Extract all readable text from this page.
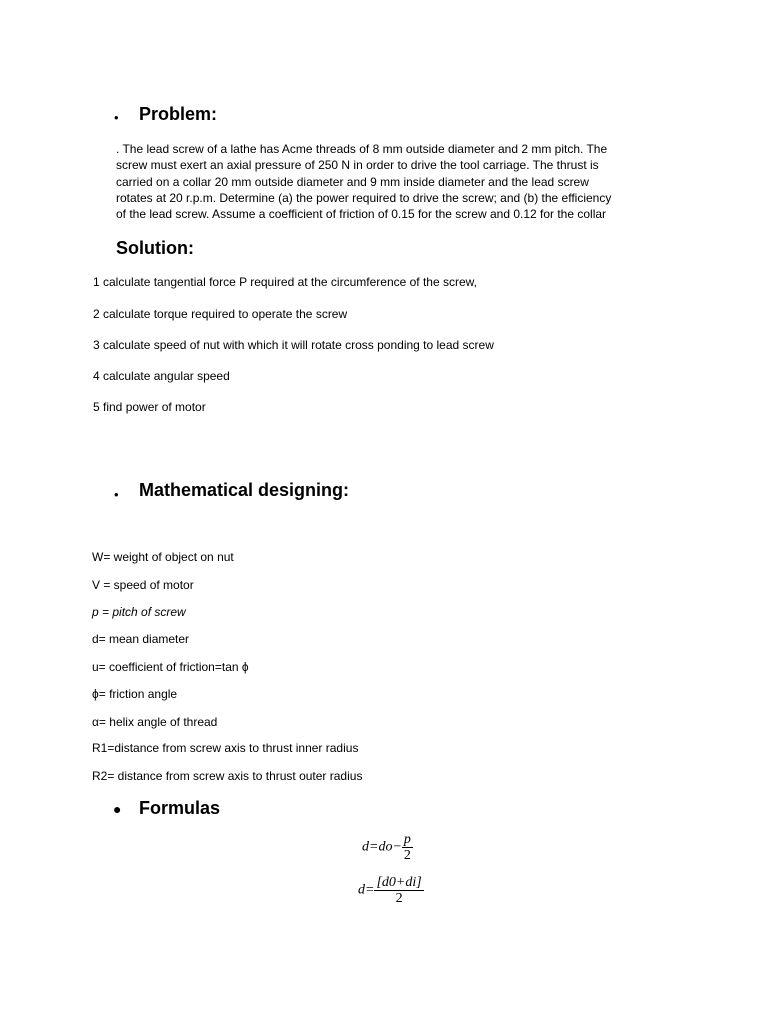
• Problem:
. The lead screw of a lathe has Acme threads of 8 mm outside diameter and 2 mm pitch. The
screw must exert an axial pressure of 250 N in order to drive the tool carriage. The thrust is
carried on a collar 20 mm outside diameter and 9 mm inside diameter and the lead screw
rotates at 20 r.p.m. Determine (a) the power required to drive the screw; and (b) the efficiency
of the lead screw. Assume a coefficient of friction of 0.15 for the screw and 0.12 for the collar
Solution:
1 calculate tangential force P required at the circumference of the screw,
2 calculate torque required to operate the screw
3 calculate speed of nut with which it will rotate cross ponding to lead screw
4 calculate angular speed
5 find power of motor
• Mathematical designing:
W= weight of object on nut
V = speed of motor
p = pitch of screw
d= mean diameter
u= coefficient of friction=tan ϕ
ϕ= friction angle
α= helix angle of thread
R1=distance from screw axis to thrust inner radius
R2= distance from screw axis to thrust outer radius
● Formulas
$d=do- \frac{p}{2}$
$d= \frac{[d0+di]}{2}$
